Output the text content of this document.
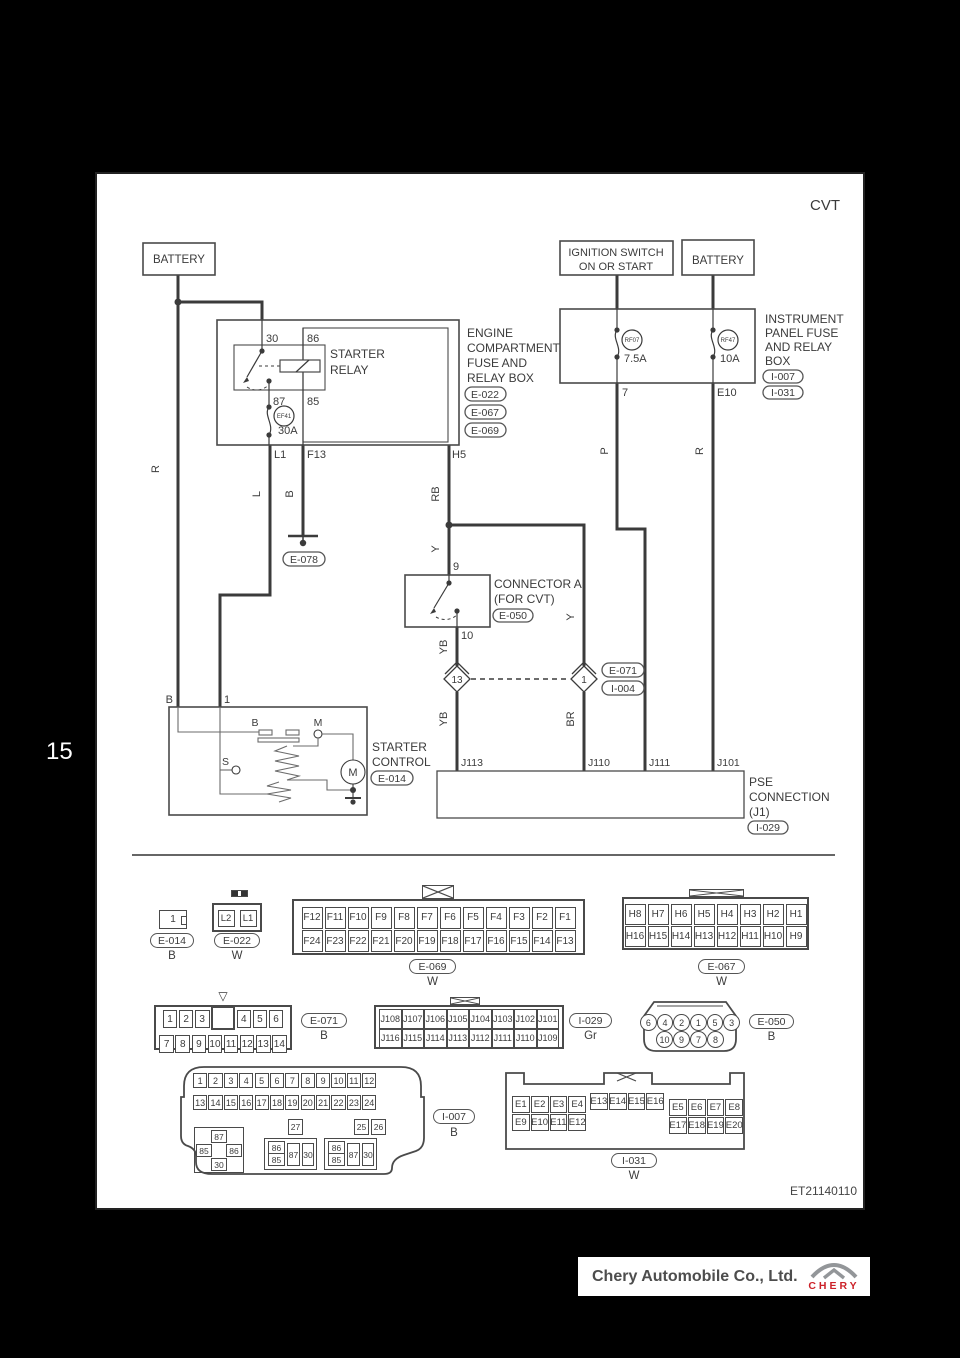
15
CVT
30	86
87 85
EF41
30A
STARTER
RELAY
L1 F13	H5
BATTERY
IGNITION SWITCH
ON OR START	BATTERY
ENGINE
COMPARTMENT
FUSE AND
RELAY BOX
E-022
E-067
E-069
RF07
7.5A
RF47
10A
7	E10
INSTRUMENT
PANEL FUSE
AND RELAY
BOX
I-007
I-031
E-078
9
10
CONNECTOR A
(FOR CVT)
E-050
13	1
E-071
I-004
J113	J110	J111	J101
PSE
CONNECTION
(J1)
I-029
B	M
S
M
B	1
STARTER
CONTROL
E-014
R
L B	RB
Y
Y
YB
YB	BR
P	R
1
E-014
B
L2	L1
E-022
W
F12 F11 F10 F9	F8	F7	F6	F5	F4	F3	F2	F1
F24 F23 F22 F21 F20 F19 F18 F17 F16 F15 F14 F13
E-069
W
H8	H7	H6	H5	H4	H3	H2	H1
H16 H15 H14 H13 H12 H11 H10 H9
E-067
W
▽
1	2	3	4	5	6
7	8	9 10 11 12 13 14
E-071
B
J108 J107 J106 J105 J104 J103 J102 J101
J116 J115 J114 J113 J112 J111 J110 J109
I-029
Gr
6	4	2	1	5	3
10	9	7	8
E-050
B
1	2	3	4	5	6	7	8	9 10 11 12
13 14 15 16 17 18 19 20 21 22 23 24
27	25 26
87
85	86
30
86
85 87 30
86
85 87 30
I-007
B
E1 E2 E3 E4
E9 E10 E11 E12
E13 E14 E15 E16
E5 E6 E7 E8
E17 E18 E19 E20
I-031
W
ET21140110
Chery Automobile Co., Ltd.
CHERY
